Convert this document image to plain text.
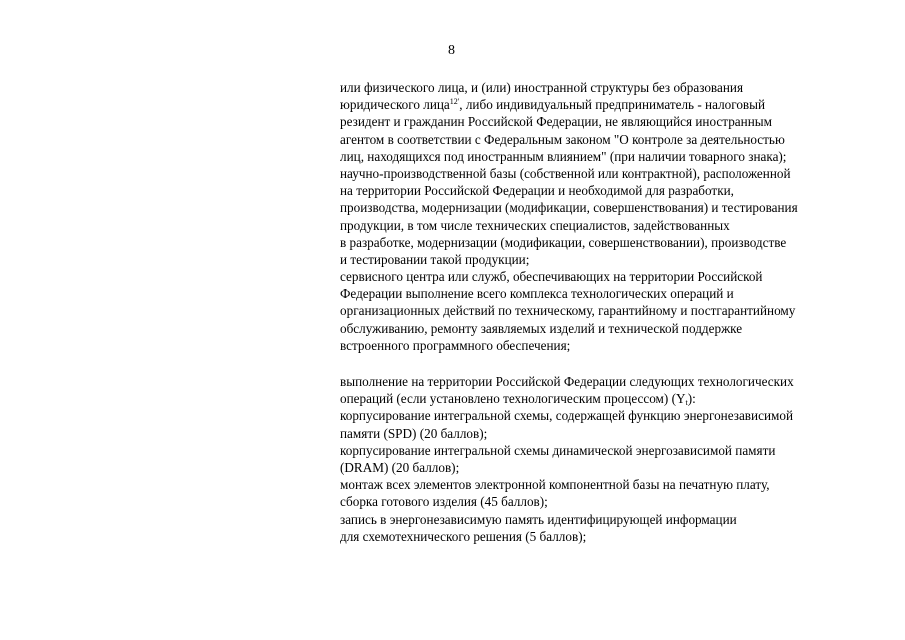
8
или физического лица, и (или) иностранной структуры без образования
юридического лица$^{12'}$, либо индивидуальный предприниматель - налоговый
резидент и гражданин Российской Федерации, не являющийся иностранным
агентом в соответствии с Федеральным законом "О контроле за деятельностью
лиц, находящихся под иностранным влиянием" (при наличии товарного знака);
научно-производственной базы (собственной или контрактной), расположенной
на территории Российской Федерации и необходимой для разработки,
производства, модернизации (модификации, совершенствования) и тестирования
продукции, в том числе технических специалистов, задействованных
в разработке, модернизации (модификации, совершенствовании), производстве
и тестировании такой продукции;
сервисного центра или служб, обеспечивающих на территории Российской
Федерации выполнение всего комплекса технологических операций и
организационных действий по техническому, гарантийному и постгарантийному
обслуживанию, ремонту заявляемых изделий и технической поддержке
встроенного программного обеспечения;
выполнение на территории Российской Федерации следующих технологических
операций (если установлено технологическим процессом) $(Y_t)$:
корпусирование интегральной схемы, содержащей функцию энергонезависимой
памяти (SPD) (20 баллов);
корпусирование интегральной схемы динамической энергозависимой памяти
(DRAM) (20 баллов);
монтаж всех элементов электронной компонентной базы на печатную плату,
сборка готового изделия (45 баллов);
запись в энергонезависимую память идентифицирующей информации
для схемотехнического решения (5 баллов);
